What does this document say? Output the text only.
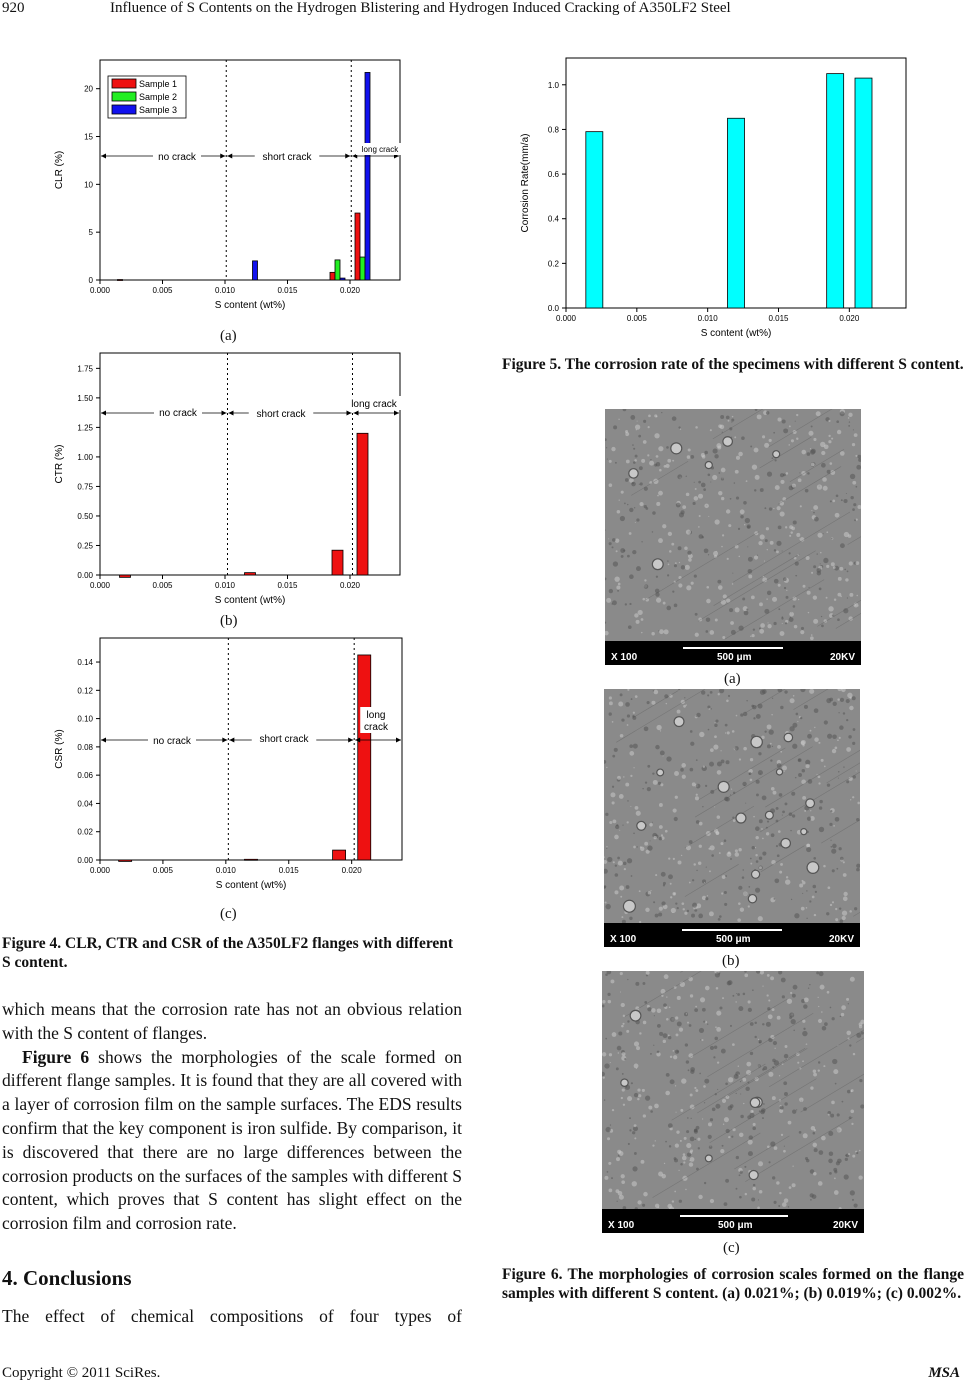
920	Influence of S Contents on the Hydrogen Blistering and Hydrogen Induced Cracking of A350LF2 Steel
0.000	0.005	0.010	0.015	0.020
0
5
10
15
20
S content (wt%)
CLR (%)	no crack	short crack
long crack
Sample 1
Sample 2
Sample 3
(a)
0.000	0.005	0.010	0.015	0.020
0.00
0.25
0.50
0.75
1.00
1.25
1.50
1.75
S content (wt%)
CTR (%)
no crack	short crack
long crack
(b)
0.000	0.005	0.010	0.015	0.020
0.00
0.02
0.04
0.06
0.08
0.10
0.12
0.14
S content (wt%)
CSR (%)	no crack	short crack
long
crack
(c)
Figure 4. CLR, CTR and CSR of the A350LF2 flanges with different S content.
0.000	0.005	0.010	0.015	0.020
0.0
0.2
0.4
0.6
0.8
1.0
S content (wt%)
Corrosion Rate(mm/a)
Figure 5. The corrosion rate of the specimens with different S content.
X 100	500 μm	20KV
(a)
X 100	500 μm	20KV
(b)
X 100	500 μm	20KV
(c)
Figure 6. The morphologies of corrosion scales formed on the flange samples with different S content. (a) 0.021%; (b) 0.019%; (c) 0.002%.

which means that the corrosion rate has not an obvious relation with the S content of flanges.

Figure 6 shows the morphologies of the scale formed on different flange samples. It is found that they are all covered with a layer of corrosion film on the sample surfaces. The EDS results confirm that the key component is iron sulfide. By comparison, it is discovered that there are no large differences between the corrosion products on the surfaces of the samples with different S content, which proves that S content has slight effect on the corrosion film and corrosion rate.

4. Conclusions
The effect of chemical compositions of four types of
Copyright © 2011 SciRes.	MSA
